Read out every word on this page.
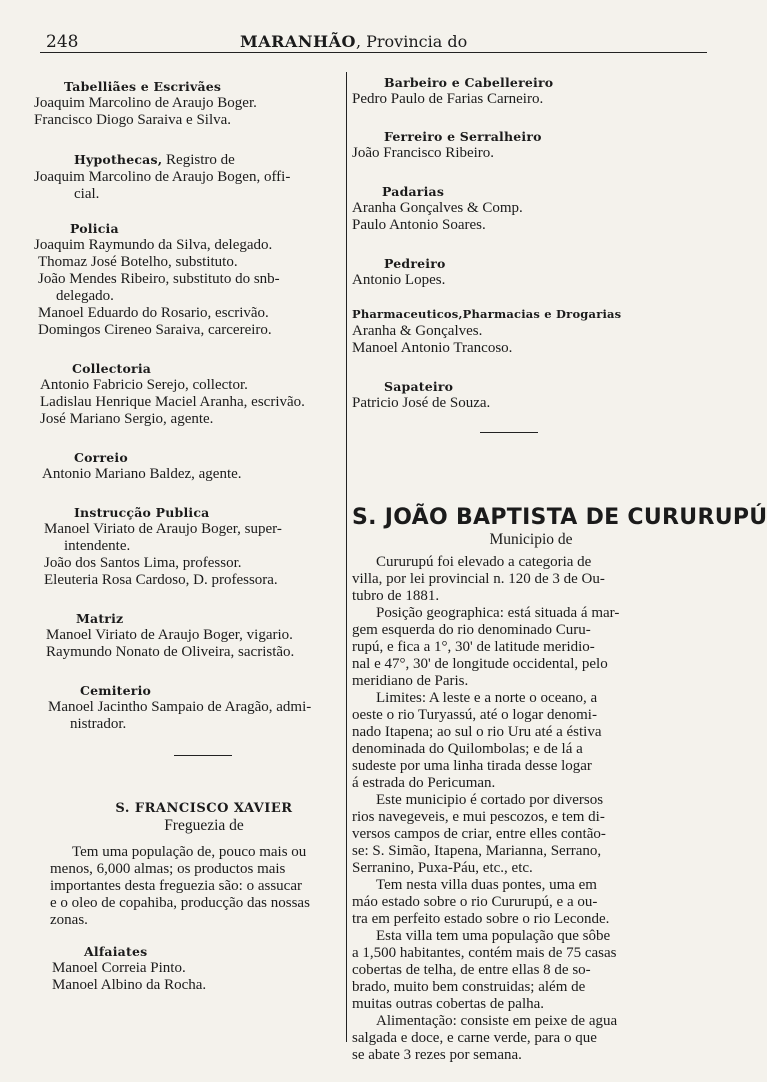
248	MARANHÃO, Provincia do
Tabelliães e Escrivães
Joaquim Marcolino de Araujo Boger.
Francisco Diogo Saraiva e Silva.
Hypothecas, Registro de
Joaquim Marcolino de Araujo Bogen, offi-
cial.
Policia
Joaquim Raymundo da Silva, delegado.
Thomaz José Botelho, substituto.
João Mendes Ribeiro, substituto do snb-
delegado.
Manoel Eduardo do Rosario, escrivão.
Domingos Cireneo Saraiva, carcereiro.
Collectoria
Antonio Fabricio Serejo, collector.
Ladislau Henrique Maciel Aranha, escrivão.
José Mariano Sergio, agente.
Correio
Antonio Mariano Baldez, agente.
Instrucção Publica
Manoel Viriato de Araujo Boger, super-
intendente.
João dos Santos Lima, professor.
Eleuteria Rosa Cardoso, D. professora.
Matriz
Manoel Viriato de Araujo Boger, vigario.
Raymundo Nonato de Oliveira, sacristão.
Cemiterio
Manoel Jacintho Sampaio de Aragão, admi-
nistrador.
S. FRANCISCO XAVIER
Freguezia de
Tem uma população de, pouco mais ou
menos, 6,000 almas; os productos mais
importantes desta freguezia são: o assucar
e o oleo de copahiba, producção das nossas
zonas.
Alfaiates
Manoel Correia Pinto.
Manoel Albino da Rocha.
Barbeiro e Cabellereiro
Pedro Paulo de Farias Carneiro.
Ferreiro e Serralheiro
João Francisco Ribeiro.
Padarias
Aranha Gonçalves & Comp.
Paulo Antonio Soares.
Pedreiro
Antonio Lopes.
Pharmaceuticos,Pharmacias e Drogarias
Aranha & Gonçalves.
Manoel Antonio Trancoso.
Sapateiro
Patricio José de Souza.
S. JOÃO BAPTISTA DE CURURUPÚ
Municipio de
Cururupú foi elevado a categoria de
villa, por lei provincial n. 120 de 3 de Ou-
tubro de 1881.
Posição geographica: está situada á mar-
gem esquerda do rio denominado Curu-
rupú, e fica a 1°, 30' de latitude meridio-
nal e 47°, 30' de longitude occidental, pelo
meridiano de Paris.
Limites: A leste e a norte o oceano, a
oeste o rio Turyassú, até o logar denomi-
nado Itapena; ao sul o rio Uru até a éstiva
denominada do Quilombolas; e de lá a
sudeste por uma linha tirada desse logar
á estrada do Pericuman.
Este municipio é cortado por diversos
rios navegeveis, e mui pescozos, e tem di-
versos campos de criar, entre elles contão-
se: S. Simão, Itapena, Marianna, Serrano,
Serranino, Puxa-Páu, etc., etc.
Tem nesta villa duas pontes, uma em
máo estado sobre o rio Cururupú, e a ou-
tra em perfeito estado sobre o rio Leconde.
Esta villa tem uma população que sôbe
a 1,500 habitantes, contém mais de 75 casas
cobertas de telha, de entre ellas 8 de so-
brado, muito bem construidas; além de
muitas outras cobertas de palha.
Alimentação: consiste em peixe de agua
salgada e doce, e carne verde, para o que
se abate 3 rezes por semana.
